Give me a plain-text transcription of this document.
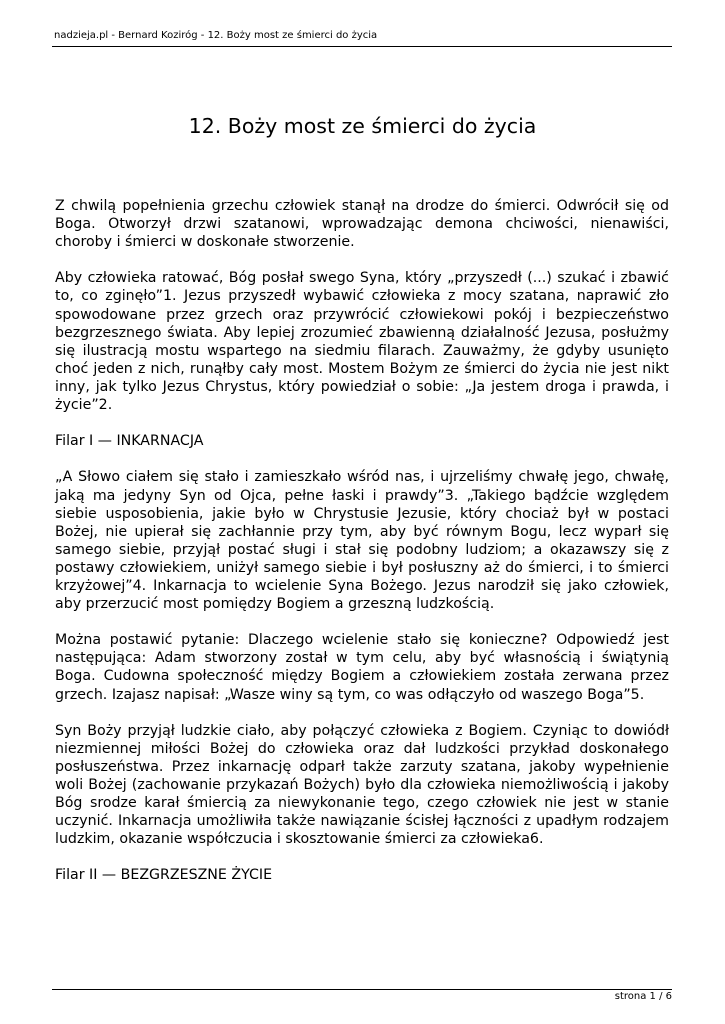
nadzieja.pl - Bernard Koziróg - 12. Boży most ze śmierci do życia
12. Boży most ze śmierci do życia

Z chwilą popełnienia grzechu człowiek stanął na drodze do śmierci. Odwrócił się od Boga. Otworzył drzwi szatanowi, wprowadzając demona chciwości, nienawiści, choroby i śmierci w doskonałe stworzenie.

Aby człowieka ratować, Bóg posłał swego Syna, który „przyszedł (...) szukać i zbawić to, co zginęło”1. Jezus przyszedł wybawić człowieka z mocy szatana, naprawić zło spowodowane przez grzech oraz przywrócić człowiekowi pokój i bezpieczeństwo bezgrzesznego świata. Aby lepiej zrozumieć zbawienną działalność Jezusa, posłużmy się ilustracją mostu wspartego na siedmiu filarach. Zauważmy, że gdyby usunięto choć jeden z nich, runąłby cały most. Mostem Bożym ze śmierci do życia nie jest nikt inny, jak tylko Jezus Chrystus, który powiedział o sobie: „Ja jestem droga i prawda, i życie”2.

Filar I — INKARNACJA

„A Słowo ciałem się stało i zamieszkało wśród nas, i ujrzeliśmy chwałę jego, chwałę, jaką ma jedyny Syn od Ojca, pełne łaski i prawdy”3. „Takiego bądźcie względem siebie usposobienia, jakie było w Chrystusie Jezusie, który chociaż był w postaci Bożej, nie upierał się zachłannie przy tym, aby być równym Bogu, lecz wyparł się samego siebie, przyjął postać sługi i stał się podobny ludziom; a okazawszy się z postawy człowiekiem, uniżył samego siebie i był posłuszny aż do śmierci, i to śmierci krzyżowej”4. Inkarnacja to wcielenie Syna Bożego. Jezus narodził się jako człowiek, aby przerzucić most pomiędzy Bogiem a grzeszną ludzkością.

Można postawić pytanie: Dlaczego wcielenie stało się konieczne? Odpowiedź jest następująca: Adam stworzony został w tym celu, aby być własnością i świątynią Boga. Cudowna społeczność między Bogiem a człowiekiem została zerwana przez grzech. Izajasz napisał: „Wasze winy są tym, co was odłączyło od waszego Boga”5.

Syn Boży przyjął ludzkie ciało, aby połączyć człowieka z Bogiem. Czyniąc to dowiódł niezmiennej miłości Bożej do człowieka oraz dał ludzkości przykład doskonałego posłuszeństwa. Przez inkarnację odparł także zarzuty szatana, jakoby wypełnienie woli Bożej (zachowanie przykazań Bożych) było dla człowieka niemożliwością i jakoby Bóg srodze karał śmiercią za niewykonanie tego, czego człowiek nie jest w stanie uczynić. Inkarnacja umożliwiła także nawiązanie ścisłej łączności z upadłym rodzajem ludzkim, okazanie współczucia i skosztowanie śmierci za człowieka6.

Filar II — BEZGRZESZNE ŻYCIE

strona 1 / 6
